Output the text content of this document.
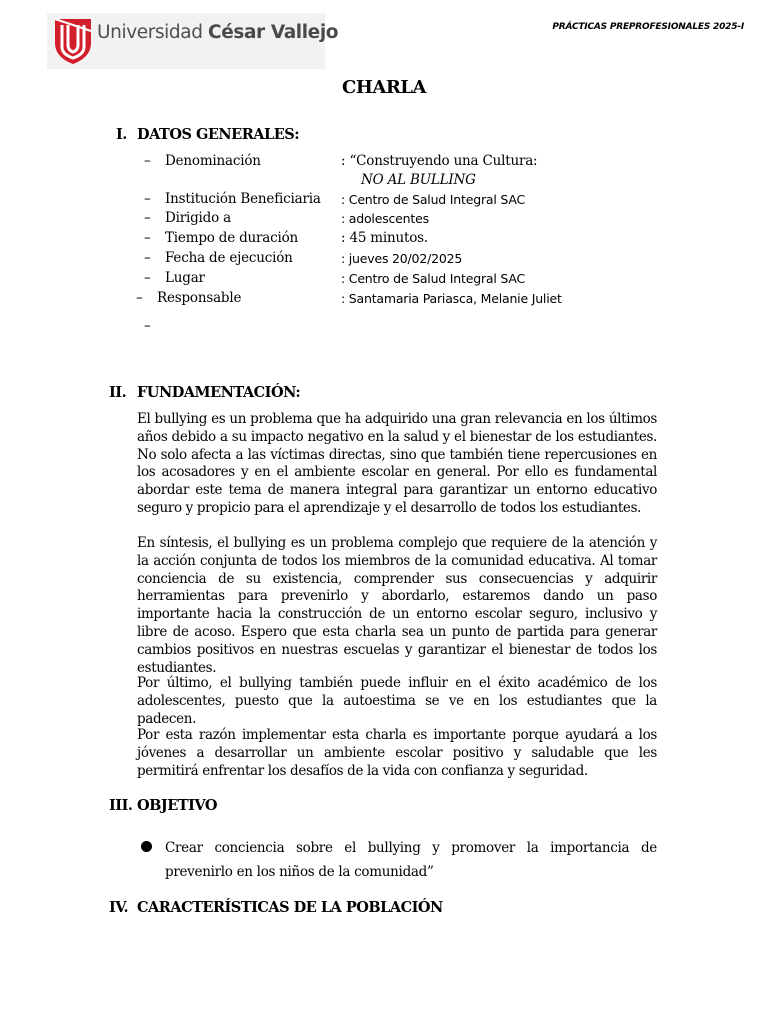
Universidad César Vallejo	PRÁCTICAS PREPROFESIONALES 2025-I
CHARLA
I. DATOS GENERALES:
– Denominación	: “Construyendo una Cultura:
NO AL BULLING
– Institución Beneficiaria : Centro de Salud Integral SAC
– Dirigido a	: adolescentes
– Tiempo de duración	: 45 minutos.
– Fecha de ejecución	: jueves 20/02/2025
– Lugar	: Centro de Salud Integral SAC
– Responsable	: Santamaria Pariasca, Melanie Juliet
–
II. FUNDAMENTACIÓN:
El bullying es un problema que ha adquirido una gran relevancia en los últimos años debido a su impacto negativo en la salud y el bienestar de los estudiantes. No solo afecta a las víctimas directas, sino que también tiene repercusiones en los acosadores y en el ambiente escolar en general. Por ello es fundamental abordar este tema de manera integral para garantizar un entorno educativo seguro y propicio para el aprendizaje y el desarrollo de todos los estudiantes.
En síntesis, el bullying es un problema complejo que requiere de la atención y la acción conjunta de todos los miembros de la comunidad educativa. Al tomar conciencia de su existencia, comprender sus consecuencias y adquirir herramientas para prevenirlo y abordarlo, estaremos dando un paso importante hacia la construcción de un entorno escolar seguro, inclusivo y libre de acoso. Espero que esta charla sea un punto de partida para generar cambios positivos en nuestras escuelas y garantizar el bienestar de todos los estudiantes.
Por último, el bullying también puede influir en el éxito académico de los adolescentes, puesto que la autoestima se ve en los estudiantes que la padecen.
Por esta razón implementar esta charla es importante porque ayudará a los jóvenes a desarrollar un ambiente escolar positivo y saludable que les permitirá enfrentar los desafíos de la vida con confianza y seguridad.
III. OBJETIVO
Crear conciencia sobre el bullying y promover la importancia de prevenirlo en los niños de la comunidad”
IV. CARACTERÍSTICAS DE LA POBLACIÓN
